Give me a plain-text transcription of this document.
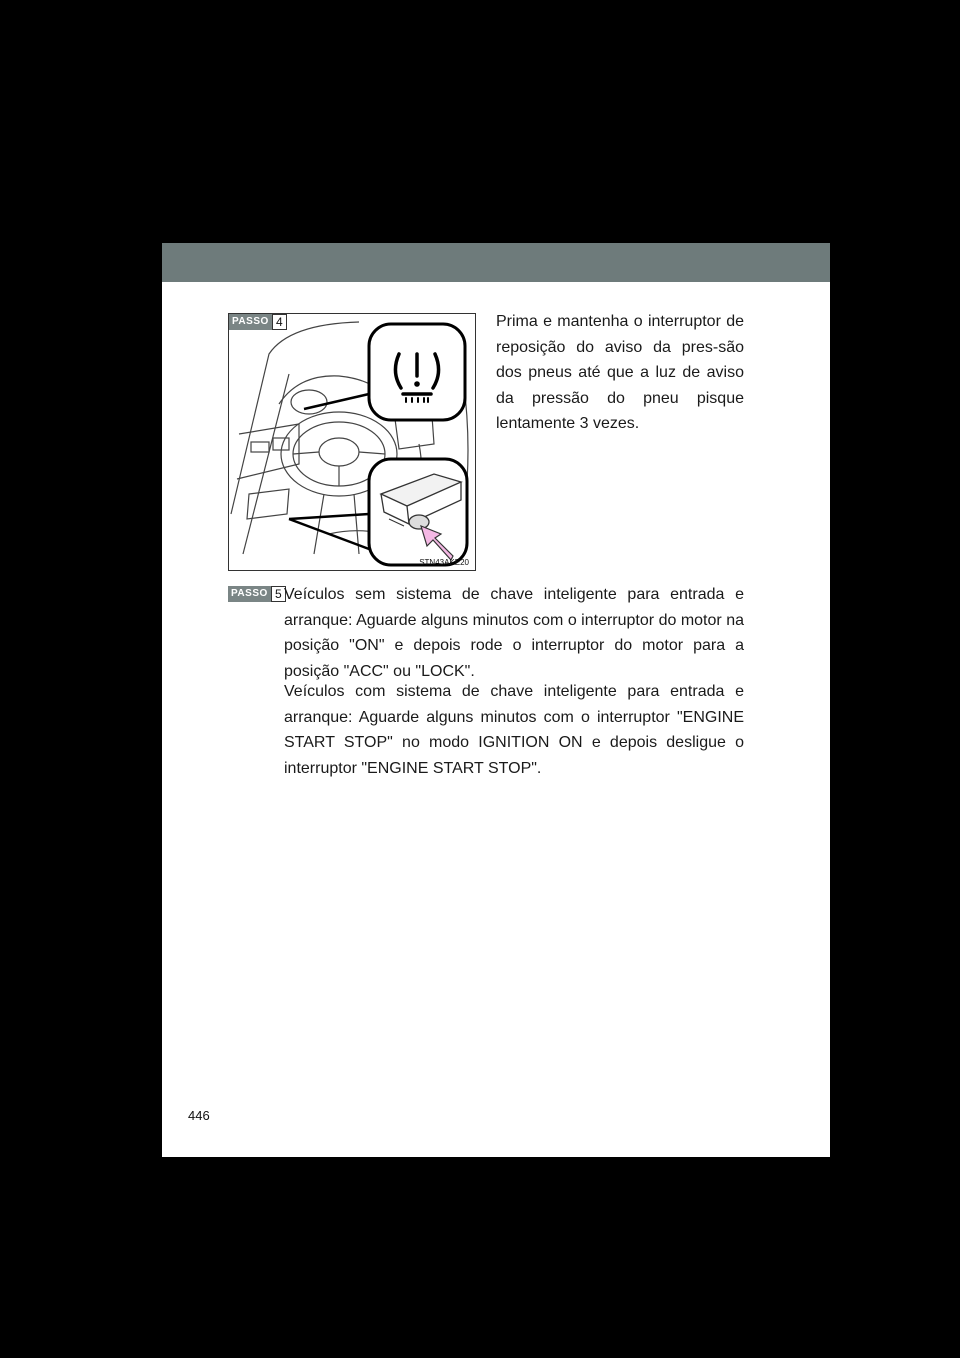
PASSO 4
STN43AKE20
Prima e mantenha o interruptor de reposição do aviso da pres-são dos pneus até que a luz de aviso da pressão do pneu pisque lentamente 3 vezes.
PASSO 5 Veículos sem sistema de chave inteligente para entrada e arranque: Aguarde alguns minutos com o interruptor do motor na posição "ON" e depois rode o interruptor do motor para a posição "ACC" ou "LOCK".

Veículos com sistema de chave inteligente para entrada e arranque: Aguarde alguns minutos com o interruptor "ENGINE START STOP" no modo IGNITION ON e depois desligue o interruptor "ENGINE START STOP".

446
